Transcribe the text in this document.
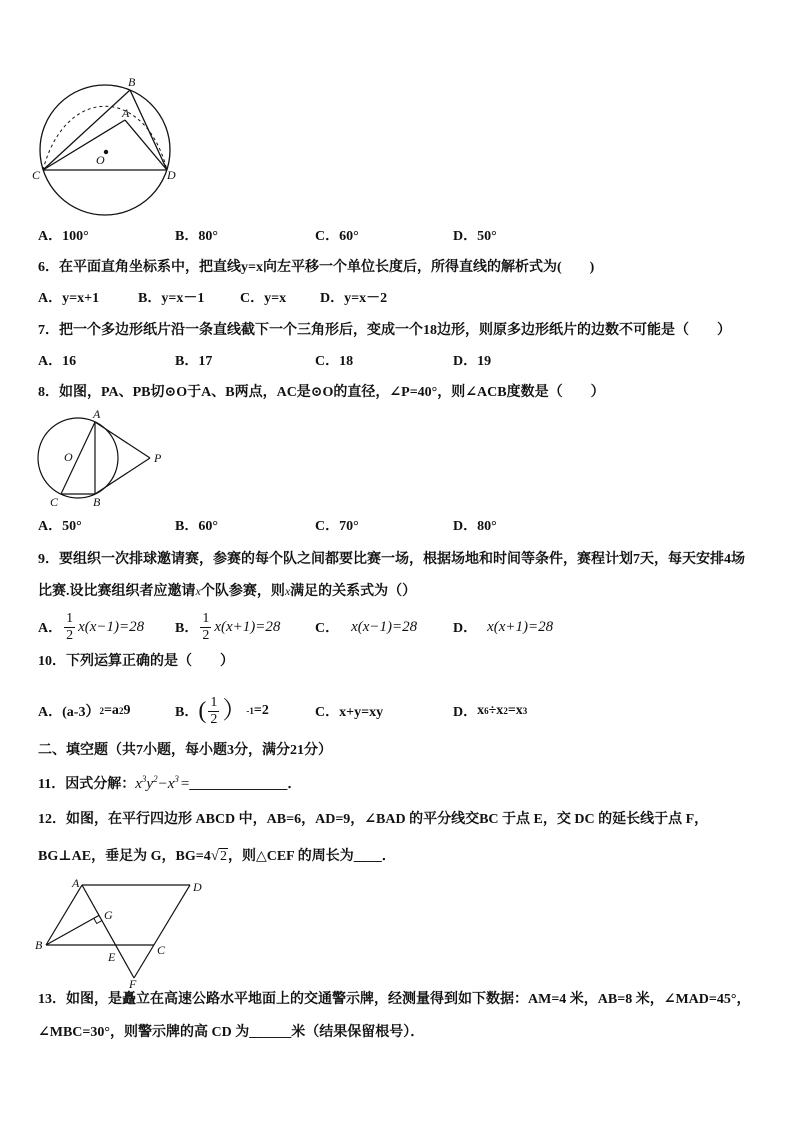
B
A
O
C	D
A．100°	B．80°	C．60°	D．50°
6．在平面直角坐标系中，把直线y=x向左平移一个单位长度后，所得直线的解析式为(　　)
A．y=x+1	B．y=x－1	C．y=x D．y=x－2
7．把一个多边形纸片沿一条直线截下一个三角形后，变成一个18边形，则原多边形纸片的边数不可能是（　　）
A．16	B．17	C．18	D．19
8．如图，PA、PB切⊙O于A、B两点，AC是⊙O的直径，∠P=40°，则∠ACB度数是（　　）
A
O	P
C	B
A．50°	B．60°	C．70°	D．80°
9．要组织一次排球邀请赛，参赛的每个队之间都要比赛一场，根据场地和时间等条件，赛程计划7天，每天安排4场
比赛.设比赛组织者应邀请x个队参赛，则x满足的关系式为（）
A． $\frac{1}{2} x(x-1)=28$ B． $\frac{1}{2} x(x+1)=28$ C． x(x−1)=28	D． x(x+1)=28
10．下列运算正确的是（　　）
A． (a-3） 2 =a 2 9	B． ( $\frac{1}{2}$ ） -1 =2	C．x+y=xy	D． x 6 ÷x 2 =x 3
二、填空题（共7小题，每小题3分，满分21分）
11．因式分解：$x^3y^2-x^3$ =______________．
12．如图，在平行四边形 ABCD 中，AB=6，AD=9，∠BAD 的平分线交BC 于点 E，交 DC 的延长线于点 F，
BG⊥AE，垂足为 G，BG=4√2，则△CEF 的周长为____．
A	D
B	C
G
E
F
13．如图，是矗立在高速公路水平地面上的交通警示牌，经测量得到如下数据：AM=4 米，AB=8 米，∠MAD=45°，
∠MBC=30°，则警示牌的高 CD 为______米（结果保留根号）．
